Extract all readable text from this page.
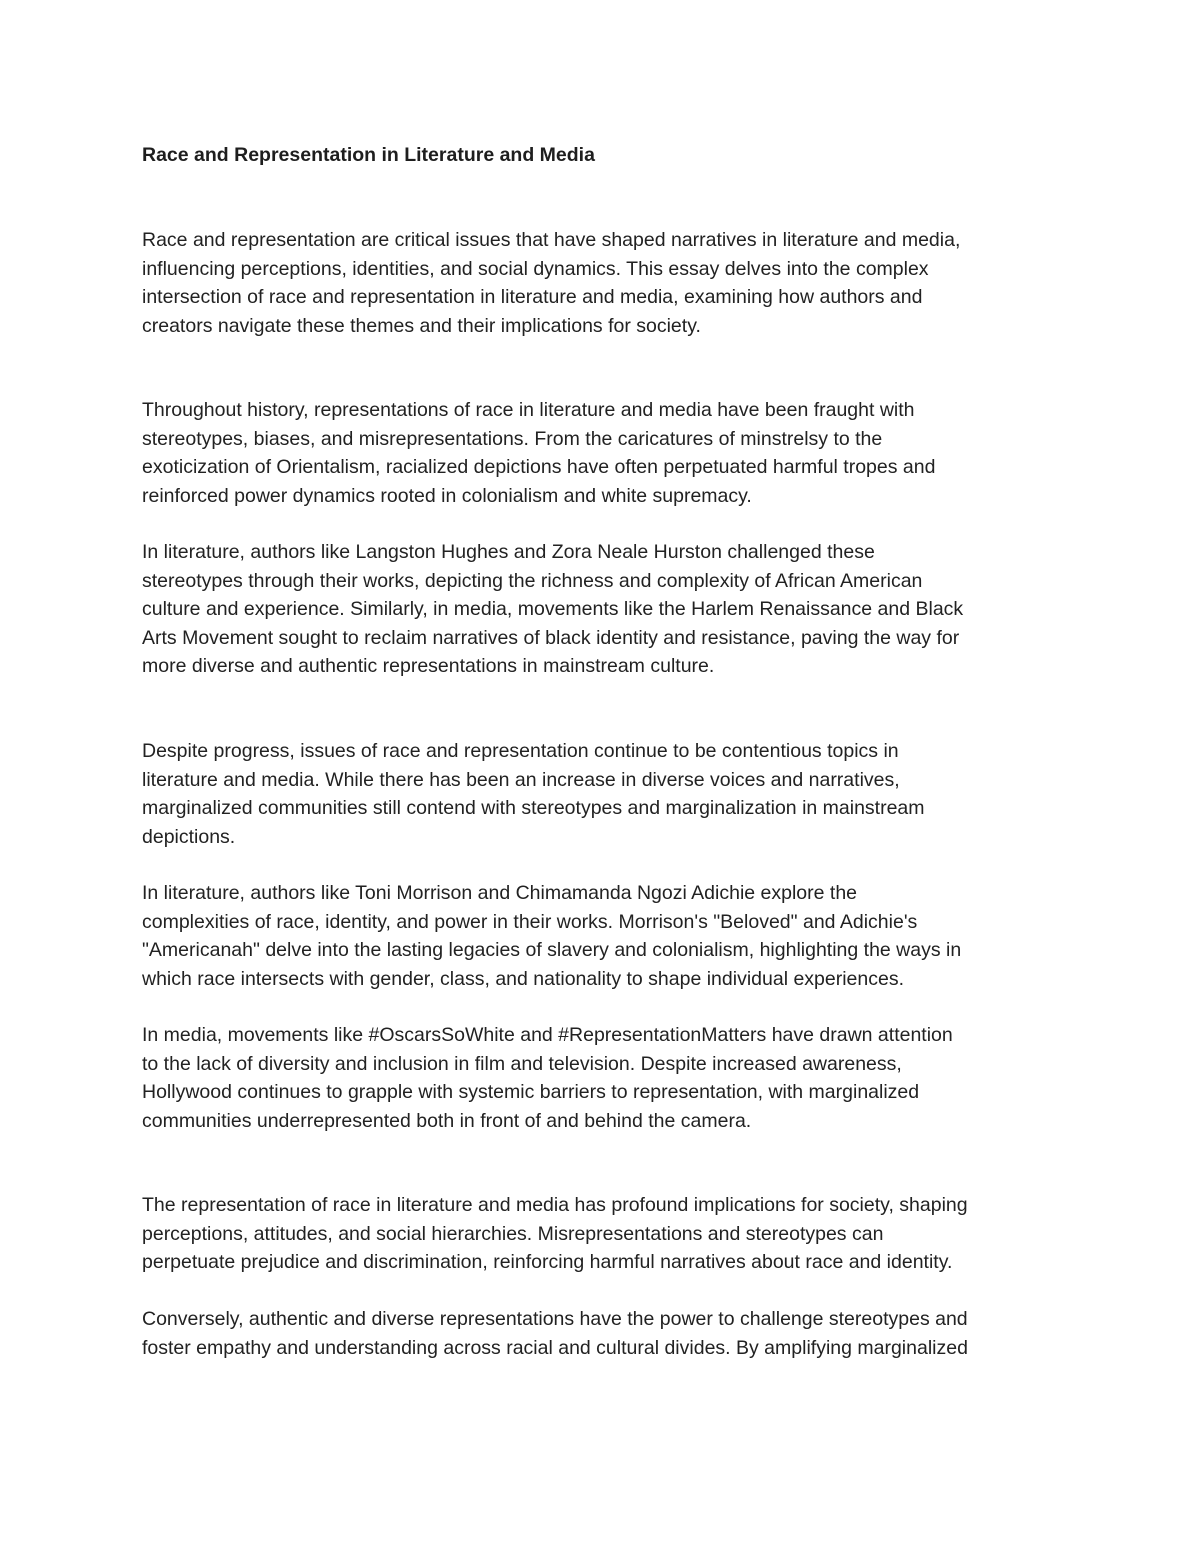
Race and Representation in Literature and Media
Race and representation are critical issues that have shaped narratives in literature and media,
influencing perceptions, identities, and social dynamics. This essay delves into the complex
intersection of race and representation in literature and media, examining how authors and
creators navigate these themes and their implications for society.
Throughout history, representations of race in literature and media have been fraught with
stereotypes, biases, and misrepresentations. From the caricatures of minstrelsy to the
exoticization of Orientalism, racialized depictions have often perpetuated harmful tropes and
reinforced power dynamics rooted in colonialism and white supremacy.
In literature, authors like Langston Hughes and Zora Neale Hurston challenged these
stereotypes through their works, depicting the richness and complexity of African American
culture and experience. Similarly, in media, movements like the Harlem Renaissance and Black
Arts Movement sought to reclaim narratives of black identity and resistance, paving the way for
more diverse and authentic representations in mainstream culture.
Despite progress, issues of race and representation continue to be contentious topics in
literature and media. While there has been an increase in diverse voices and narratives,
marginalized communities still contend with stereotypes and marginalization in mainstream
depictions.
In literature, authors like Toni Morrison and Chimamanda Ngozi Adichie explore the
complexities of race, identity, and power in their works. Morrison's "Beloved" and Adichie's
"Americanah" delve into the lasting legacies of slavery and colonialism, highlighting the ways in
which race intersects with gender, class, and nationality to shape individual experiences.
In media, movements like #OscarsSoWhite and #RepresentationMatters have drawn attention
to the lack of diversity and inclusion in film and television. Despite increased awareness,
Hollywood continues to grapple with systemic barriers to representation, with marginalized
communities underrepresented both in front of and behind the camera.
The representation of race in literature and media has profound implications for society, shaping
perceptions, attitudes, and social hierarchies. Misrepresentations and stereotypes can
perpetuate prejudice and discrimination, reinforcing harmful narratives about race and identity.
Conversely, authentic and diverse representations have the power to challenge stereotypes and
foster empathy and understanding across racial and cultural divides. By amplifying marginalized
